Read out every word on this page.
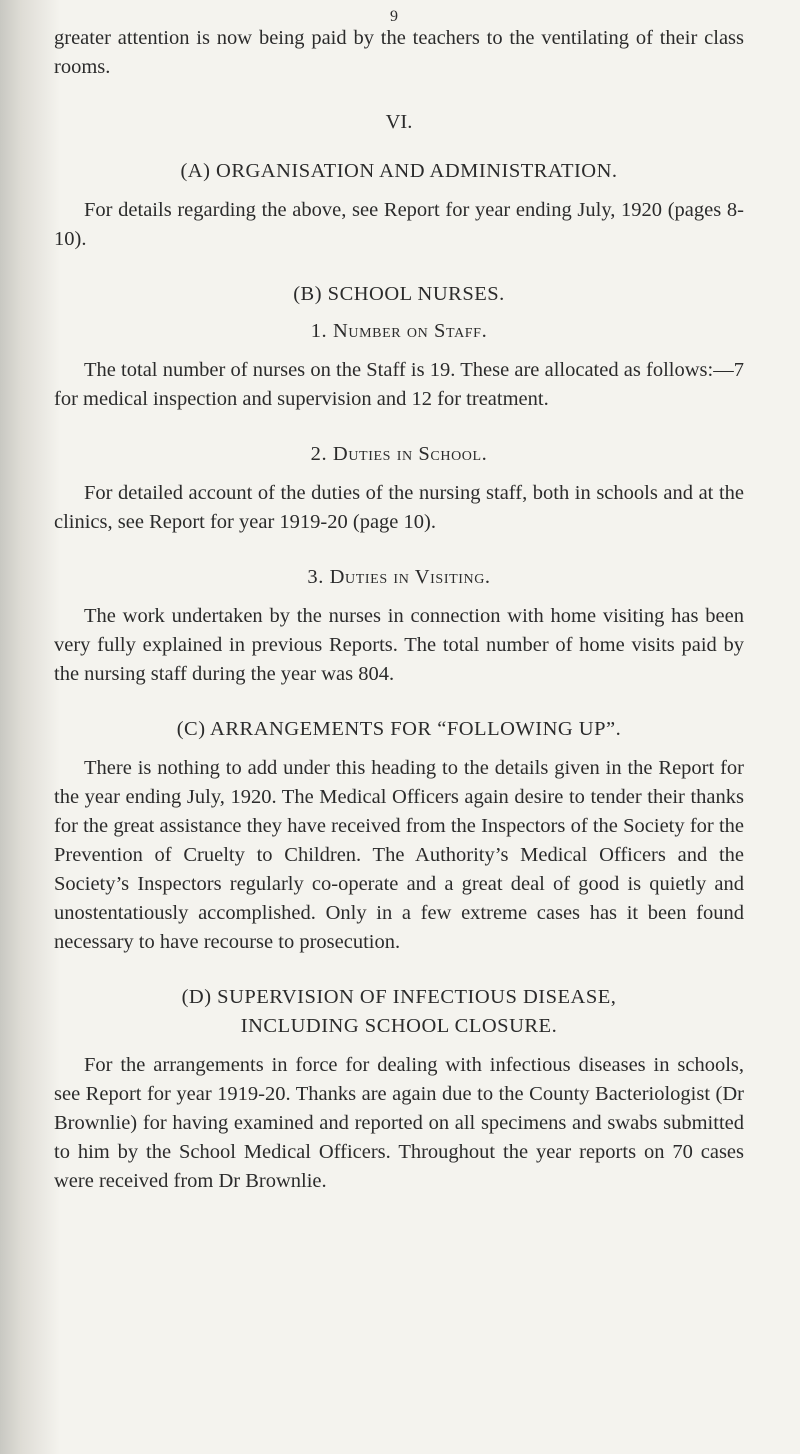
9

greater attention is now being paid by the teachers to the ventilating of their class rooms.

VI.

(A) ORGANISATION AND ADMINISTRATION.

For details regarding the above, see Report for year ending July, 1920 (pages 8-10).

(B) SCHOOL NURSES.

1. Number on Staff.

The total number of nurses on the Staff is 19. These are allocated as follows:—7 for medical inspection and supervision and 12 for treatment.

2. Duties in School.

For detailed account of the duties of the nursing staff, both in schools and at the clinics, see Report for year 1919-20 (page 10).

3. Duties in Visiting.

The work undertaken by the nurses in connection with home visiting has been very fully explained in previous Reports. The total number of home visits paid by the nursing staff during the year was 804.

(C) ARRANGEMENTS FOR “FOLLOWING UP”.

There is nothing to add under this heading to the details given in the Report for the year ending July, 1920. The Medical Officers again desire to tender their thanks for the great assistance they have received from the Inspectors of the Society for the Prevention of Cruelty to Children. The Authority’s Medical Officers and the Society’s Inspectors regularly co-operate and a great deal of good is quietly and unostentatiously accomplished. Only in a few extreme cases has it been found necessary to have recourse to prosecution.

(D) SUPERVISION OF INFECTIOUS DISEASE,

INCLUDING SCHOOL CLOSURE.

For the arrangements in force for dealing with infectious diseases in schools, see Report for year 1919-20. Thanks are again due to the County Bacteriologist (Dr Brownlie) for having examined and reported on all specimens and swabs submitted to him by the School Medical Officers. Throughout the year reports on 70 cases were received from Dr Brownlie.
